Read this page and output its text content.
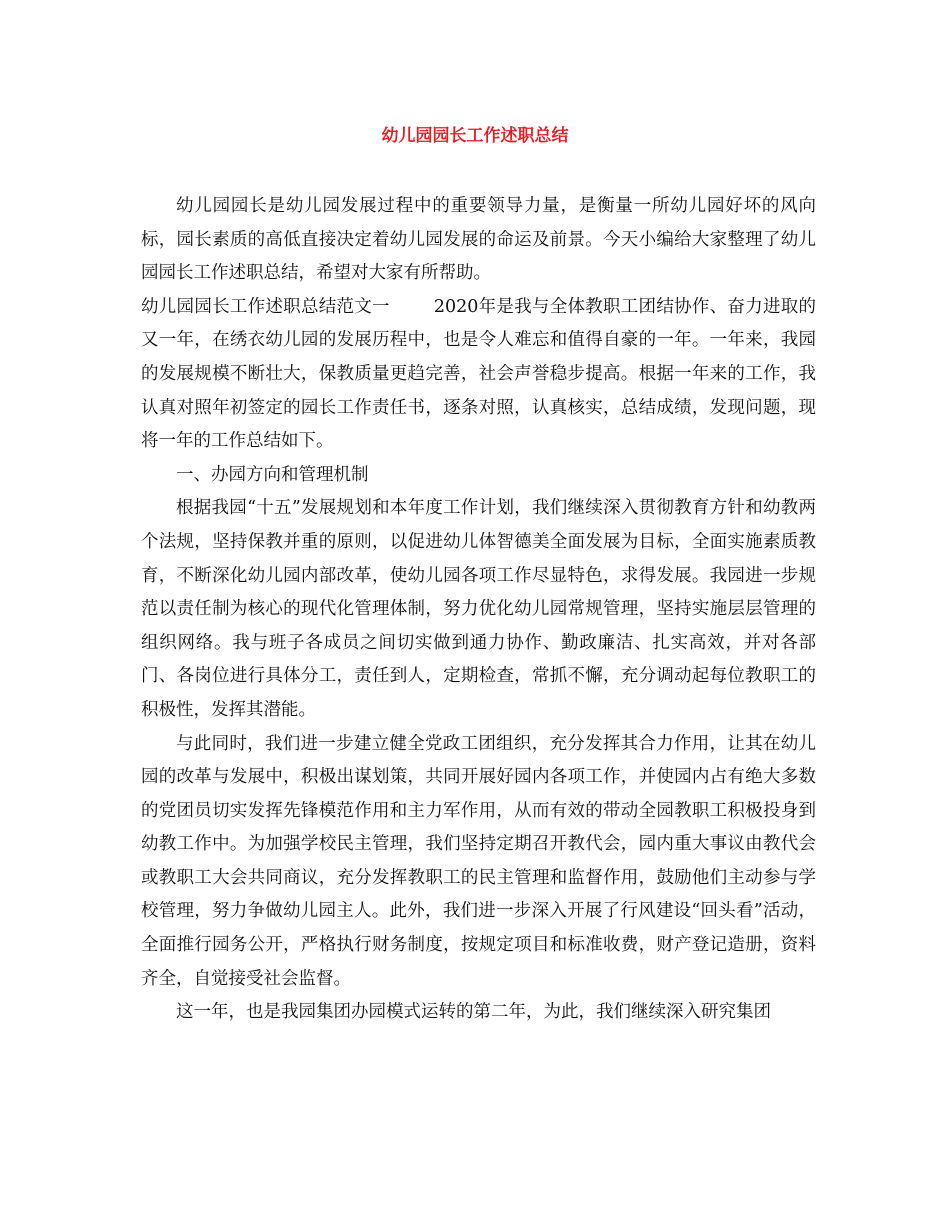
幼儿园园长工作述职总结

幼儿园园长是幼儿园发展过程中的重要领导力量，是衡量一所幼儿园好坏的风向标，园长素质的高低直接决定着幼儿园发展的命运及前景。今天小编给大家整理了幼儿园园长工作述职总结，希望对大家有所帮助。

幼儿园园长工作述职总结范文一	2020年是我与全体教职工团结协作、奋力进取的又一年，在绣衣幼儿园的发展历程中，也是令人难忘和值得自豪的一年。一年来，我园的发展规模不断壮大，保教质量更趋完善，社会声誉稳步提高。根据一年来的工作，我认真对照年初签定的园长工作责任书，逐条对照，认真核实，总结成绩，发现问题，现将一年的工作总结如下。

一、办园方向和管理机制

根据我园“十五”发展规划和本年度工作计划，我们继续深入贯彻教育方针和幼教两个法规，坚持保教并重的原则，以促进幼儿体智德美全面发展为目标，全面实施素质教育，不断深化幼儿园内部改革，使幼儿园各项工作尽显特色，求得发展。我园进一步规范以责任制为核心的现代化管理体制，努力优化幼儿园常规管理，坚持实施层层管理的组织网络。我与班子各成员之间切实做到通力协作、勤政廉洁、扎实高效，并对各部门、各岗位进行具体分工，责任到人，定期检查，常抓不懈，充分调动起每位教职工的积极性，发挥其潜能。

与此同时，我们进一步建立健全党政工团组织，充分发挥其合力作用，让其在幼儿园的改革与发展中，积极出谋划策，共同开展好园内各项工作，并使园内占有绝大多数的党团员切实发挥先锋模范作用和主力军作用，从而有效的带动全园教职工积极投身到幼教工作中。为加强学校民主管理，我们坚持定期召开教代会，园内重大事议由教代会或教职工大会共同商议，充分发挥教职工的民主管理和监督作用，鼓励他们主动参与学校管理，努力争做幼儿园主人。此外，我们进一步深入开展了行风建设“回头看”活动，全面推行园务公开，严格执行财务制度，按规定项目和标准收费，财产登记造册，资料齐全，自觉接受社会监督。

这一年，也是我园集团办园模式运转的第二年，为此，我们继续深入研究集团
